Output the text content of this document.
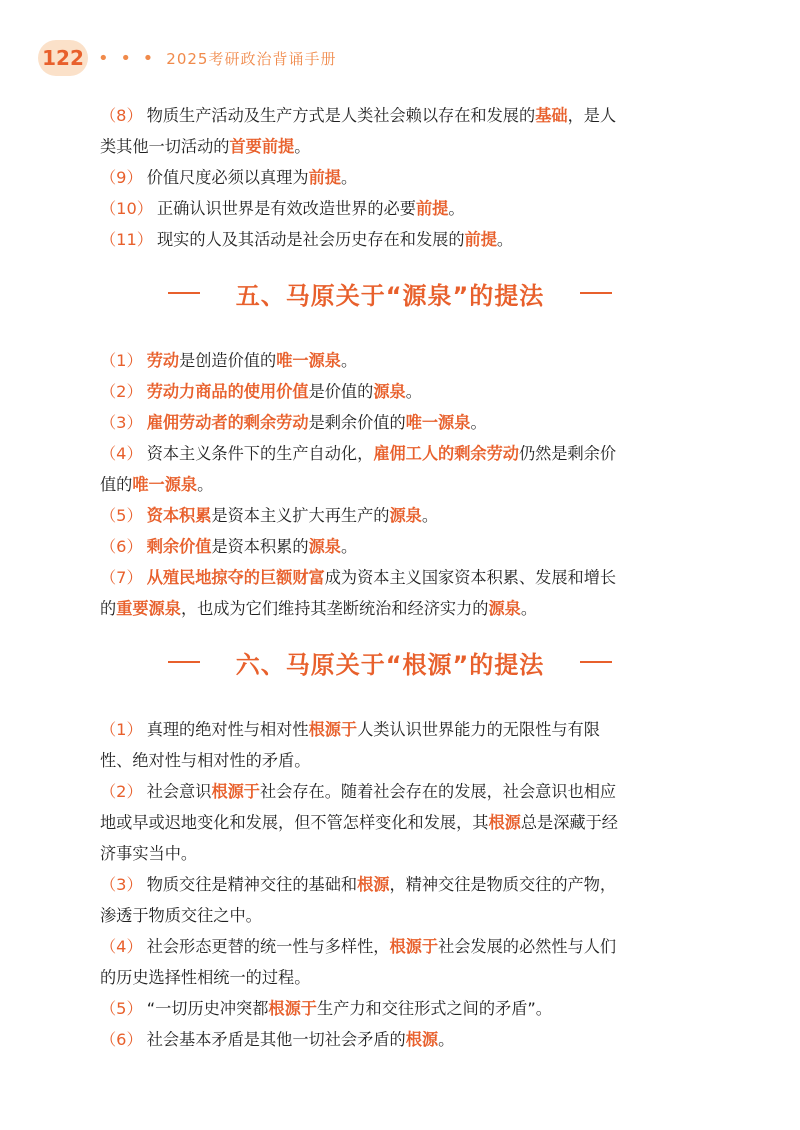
122 • • • 2025考研政治背诵手册

（8） 物质生产活动及生产方式是人类社会赖以存在和发展的基础，是人

类其他一切活动的首要前提。

（9） 价值尺度必须以真理为前提。

（10） 正确认识世界是有效改造世界的必要前提。

（11） 现实的人及其活动是社会历史存在和发展的前提。

五、马原关于“源泉”的提法

（1） 劳动是创造价值的唯一源泉。

（2） 劳动力商品的使用价值是价值的源泉。

（3） 雇佣劳动者的剩余劳动是剩余价值的唯一源泉。

（4） 资本主义条件下的生产自动化，雇佣工人的剩余劳动仍然是剩余价

值的唯一源泉。

（5） 资本积累是资本主义扩大再生产的源泉。

（6） 剩余价值是资本积累的源泉。

（7） 从殖民地掠夺的巨额财富成为资本主义国家资本积累、发展和增长

的重要源泉，也成为它们维持其垄断统治和经济实力的源泉。

六、马原关于“根源”的提法

（1） 真理的绝对性与相对性根源于人类认识世界能力的无限性与有限

性、绝对性与相对性的矛盾。

（2） 社会意识根源于社会存在。随着社会存在的发展，社会意识也相应

地或早或迟地变化和发展，但不管怎样变化和发展，其根源总是深藏于经

济事实当中。

（3） 物质交往是精神交往的基础和根源，精神交往是物质交往的产物，

渗透于物质交往之中。

（4） 社会形态更替的统一性与多样性，根源于社会发展的必然性与人们

的历史选择性相统一的过程。

（5） “一切历史冲突都根源于生产力和交往形式之间的矛盾”。

（6） 社会基本矛盾是其他一切社会矛盾的根源。
